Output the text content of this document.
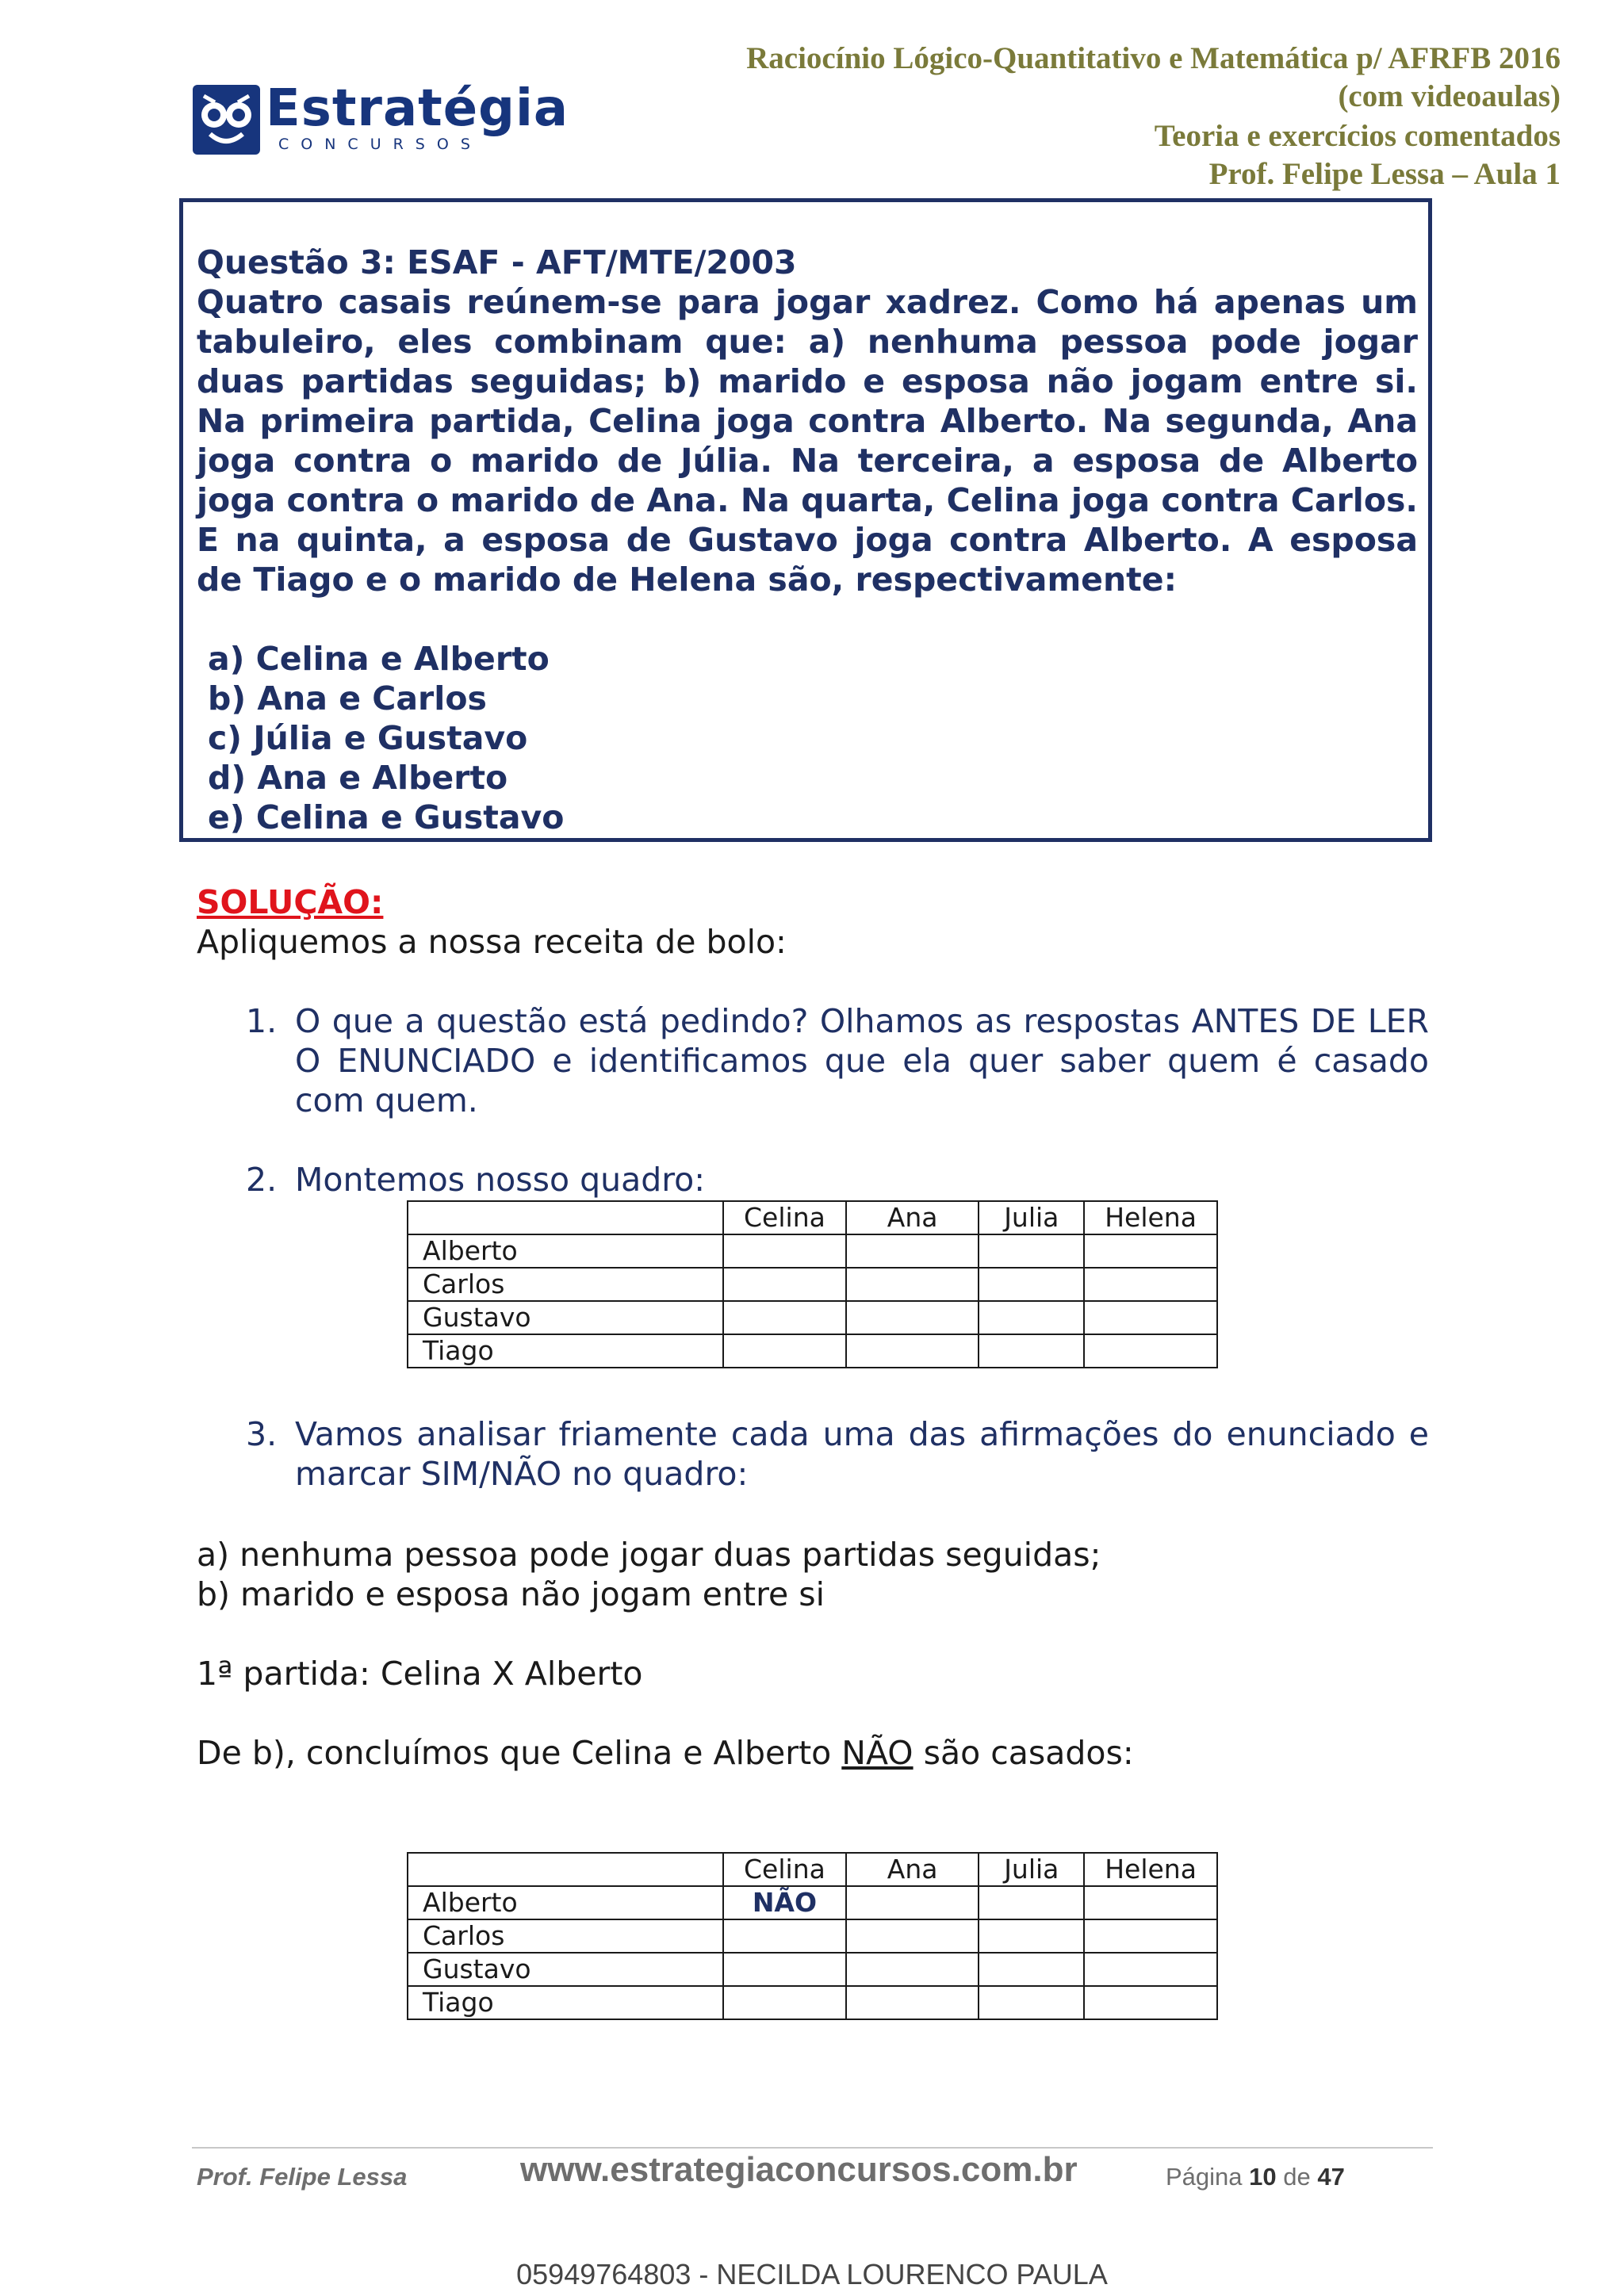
Estratégia
CONCURSOS
Raciocínio Lógico-Quantitativo e Matemática p/ AFRFB 2016
(com videoaulas)
Teoria e exercícios comentados
Prof. Felipe Lessa – Aula 1
Questão 3: ESAF - AFT/MTE/2003
Quatro casais reúnem-se para jogar xadrez. Como há apenas um tabuleiro, eles combinam que: a) nenhuma pessoa pode jogar duas partidas seguidas; b) marido e esposa não jogam entre si. Na primeira partida, Celina joga contra Alberto. Na segunda, Ana joga contra o marido de Júlia. Na terceira, a esposa de Alberto joga contra o marido de Ana. Na quarta, Celina joga contra Carlos. E na quinta, a esposa de Gustavo joga contra Alberto. A esposa de Tiago e o marido de Helena são, respectivamente:
a) Celina e Alberto
b) Ana e Carlos
c) Júlia e Gustavo
d) Ana e Alberto
e) Celina e Gustavo
SOLUÇÃO:
Apliquemos a nossa receita de bolo:
1. O que a questão está pedindo? Olhamos as respostas ANTES DE LER O ENUNCIADO e identificamos que ela quer saber quem é casado com quem.
2. Montemos nosso quadro:
	Celina	Ana	Julia	Helena
Alberto				
Carlos				
Gustavo				
Tiago				
3. Vamos analisar friamente cada uma das afirmações do enunciado e marcar SIM/NÃO no quadro:
a) nenhuma pessoa pode jogar duas partidas seguidas;
b) marido e esposa não jogam entre si
1ª partida: Celina X Alberto
De b), concluímos que Celina e Alberto NÃO são casados:
	Celina	Ana	Julia	Helena
Alberto	NÃO			
Carlos				
Gustavo				
Tiago				
Prof. Felipe Lessa	www.estrategiaconcursos.com.br	Página 10 de 47
05949764803 - NECILDA LOURENCO PAULA
